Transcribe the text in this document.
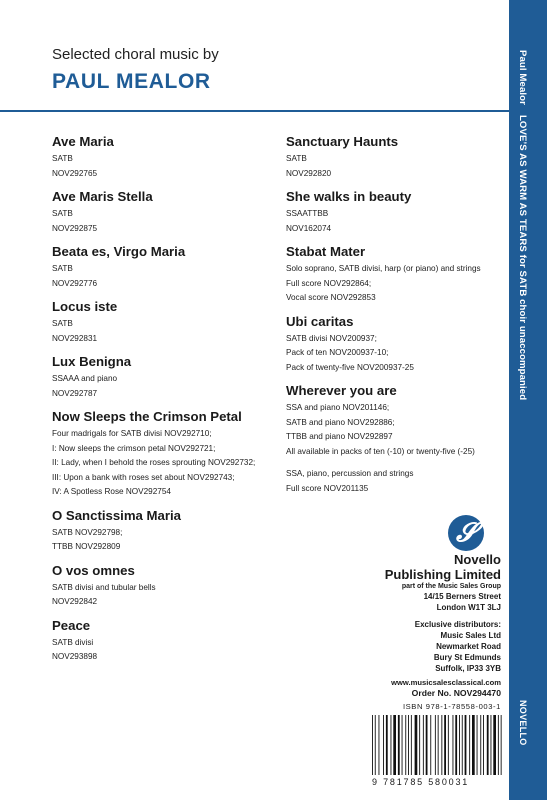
Selected choral music by
PAUL MEALOR
Ave Maria
SATB
NOV292765
Ave Maris Stella
SATB
NOV292875
Beata es, Virgo Maria
SATB
NOV292776
Locus iste
SATB
NOV292831
Lux Benigna
SSAAA and piano
NOV292787
Now Sleeps the Crimson Petal
Four madrigals for SATB divisi NOV292710;
I: Now sleeps the crimson petal NOV292721;
II: Lady, when I behold the roses sprouting NOV292732;
III: Upon a bank with roses set about NOV292743;
IV: A Spotless Rose NOV292754
O Sanctissima Maria
SATB NOV292798;
TTBB NOV292809
O vos omnes
SATB divisi and tubular bells
NOV292842
Peace
SATB divisi
NOV293898
Sanctuary Haunts
SATB
NOV292820
She walks in beauty
SSAATTBB
NOV162074
Stabat Mater
Solo soprano, SATB divisi, harp (or piano) and strings
Full score NOV292864;
Vocal score NOV292853
Ubi caritas
SATB divisi NOV200937;
Pack of ten NOV200937-10;
Pack of twenty-five NOV200937-25
Wherever you are
SSA and piano NOV201146;
SATB and piano NOV292886;
TTBB and piano NOV292897
All available in packs of ten (-10) or twenty-five (-25)
SSA, piano, percussion and strings
Full score NOV201135
𝓢
Novello
Publishing Limited
part of the Music Sales Group
14/15 Berners Street
London W1T 3LJ
Exclusive distributors:
Music Sales Ltd
Newmarket Road
Bury St Edmunds
Suffolk, IP33 3YB
www.musicsalesclassical.com
Order No. NOV294470
ISBN 978-1-78558-003-1
9 781785 580031
Paul MealorLOVE’S AS WARM AS TEARS for SATB choir unaccompanied
NOVELLO
